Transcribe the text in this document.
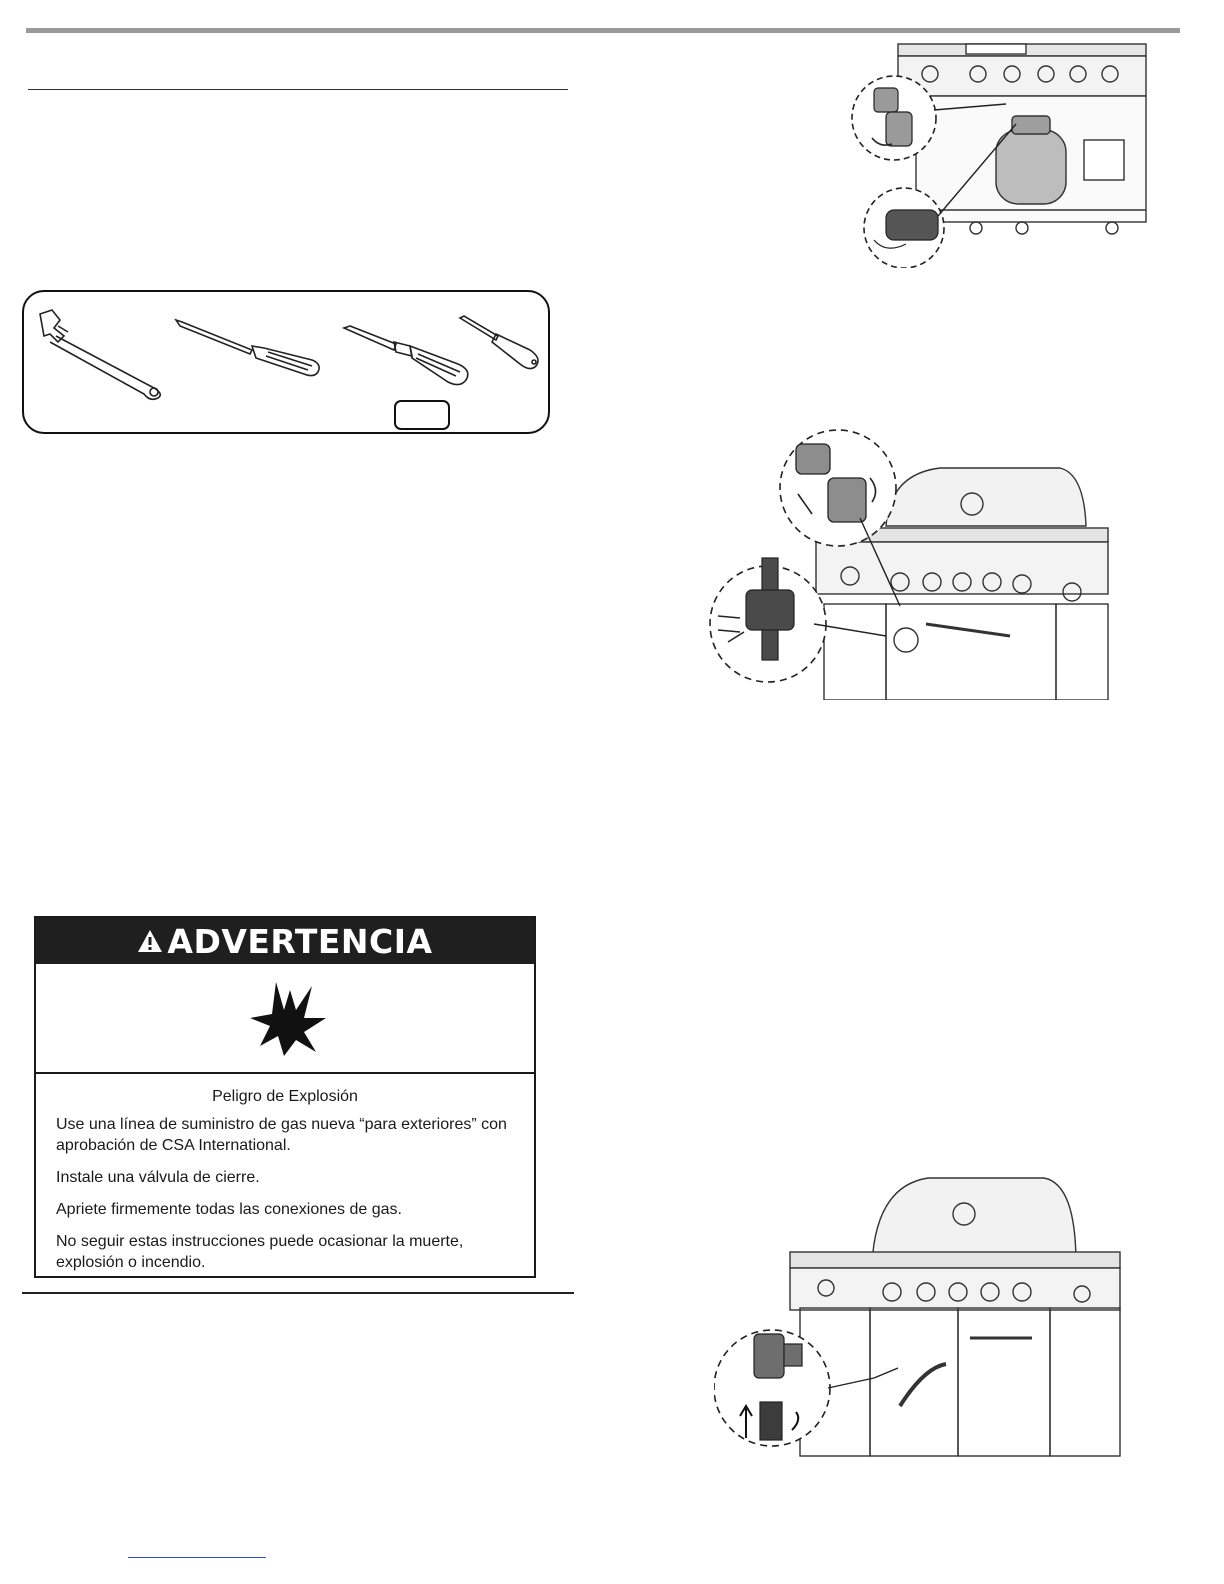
ADVERTENCIA
Peligro de Explosión
Use una línea de suministro de gas nueva “para exteriores” con aprobación de CSA International.
Instale una válvula de cierre.
Apriete firmemente todas las conexiones de gas.
No seguir estas instrucciones puede ocasionar la muerte, explosión o incendio.
